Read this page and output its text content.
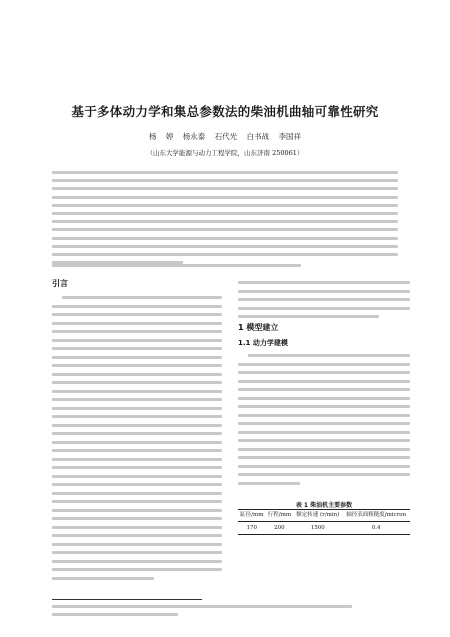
基于多体动力学和集总参数法的柴油机曲轴可靠性研究
杨 婷 杨永泰 石代光 白书战 李国祥
（山东大学能源与动力工程学院，山东济南 250061）
引言
1 模型建立
1.1 动力学建模
表 1 柴油机主要参数
缸径/mm	行程/mm	额定转速 (r/min)	轴径表面粗糙度/micron
170	200	1500	0.4
